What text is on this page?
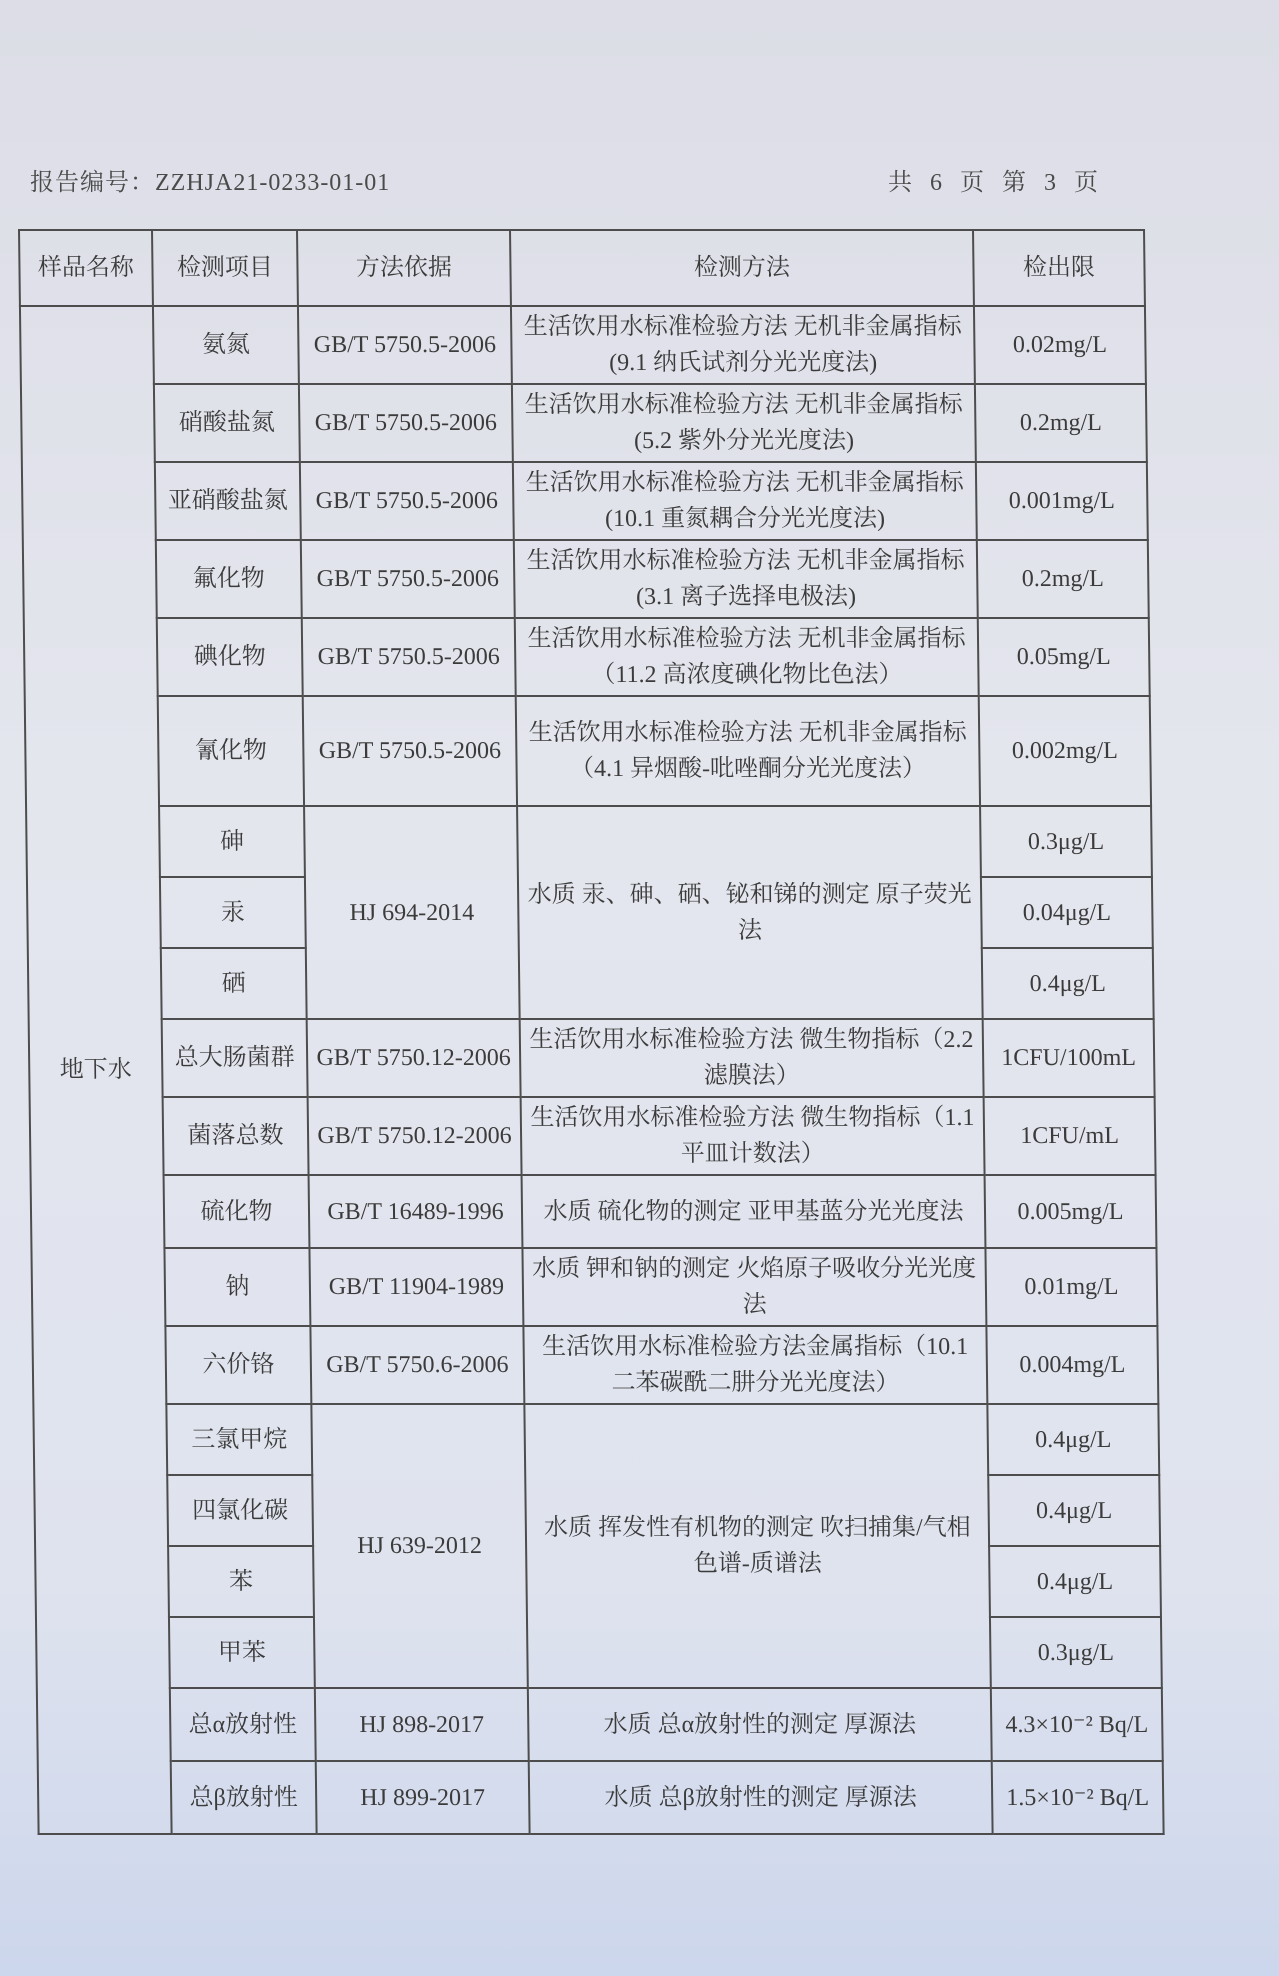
报告编号：ZZHJA21-0233-01-01	共 6 页 第 3 页
样品名称	检测项目	方法依据	检测方法	检出限
地下水	氨氮	GB/T 5750.5-2006	生活饮用水标准检验方法 无机非金属指标(9.1 纳氏试剂分光光度法)	0.02mg/L
	硝酸盐氮	GB/T 5750.5-2006	生活饮用水标准检验方法 无机非金属指标(5.2 紫外分光光度法)	0.2mg/L
	亚硝酸盐氮	GB/T 5750.5-2006	生活饮用水标准检验方法 无机非金属指标(10.1 重氮耦合分光光度法)	0.001mg/L
	氟化物	GB/T 5750.5-2006	生活饮用水标准检验方法 无机非金属指标(3.1 离子选择电极法)	0.2mg/L
	碘化物	GB/T 5750.5-2006	生活饮用水标准检验方法 无机非金属指标（11.2 高浓度碘化物比色法）	0.05mg/L
	氰化物	GB/T 5750.5-2006	生活饮用水标准检验方法 无机非金属指标（4.1 异烟酸-吡唑酮分光光度法）	0.002mg/L
	砷	HJ 694-2014	水质 汞、砷、硒、铋和锑的测定 原子荧光法	0.3μg/L
	汞			0.04μg/L
	硒			0.4μg/L
	总大肠菌群	GB/T 5750.12-2006	生活饮用水标准检验方法 微生物指标（2.2 滤膜法）	1CFU/100mL
	菌落总数	GB/T 5750.12-2006	生活饮用水标准检验方法 微生物指标（1.1 平皿计数法）	1CFU/mL
	硫化物	GB/T 16489-1996	水质 硫化物的测定 亚甲基蓝分光光度法	0.005mg/L
	钠	GB/T 11904-1989	水质 钾和钠的测定 火焰原子吸收分光光度法	0.01mg/L
	六价铬	GB/T 5750.6-2006	生活饮用水标准检验方法金属指标（10.1 二苯碳酰二肼分光光度法）	0.004mg/L
	三氯甲烷	HJ 639-2012	水质 挥发性有机物的测定 吹扫捕集/气相色谱-质谱法	0.4μg/L
	四氯化碳			0.4μg/L
	苯			0.4μg/L
	甲苯			0.3μg/L
	总α放射性	HJ 898-2017	水质 总α放射性的测定 厚源法	4.3×10⁻² Bq/L
	总β放射性	HJ 899-2017	水质 总β放射性的测定 厚源法	1.5×10⁻² Bq/L
